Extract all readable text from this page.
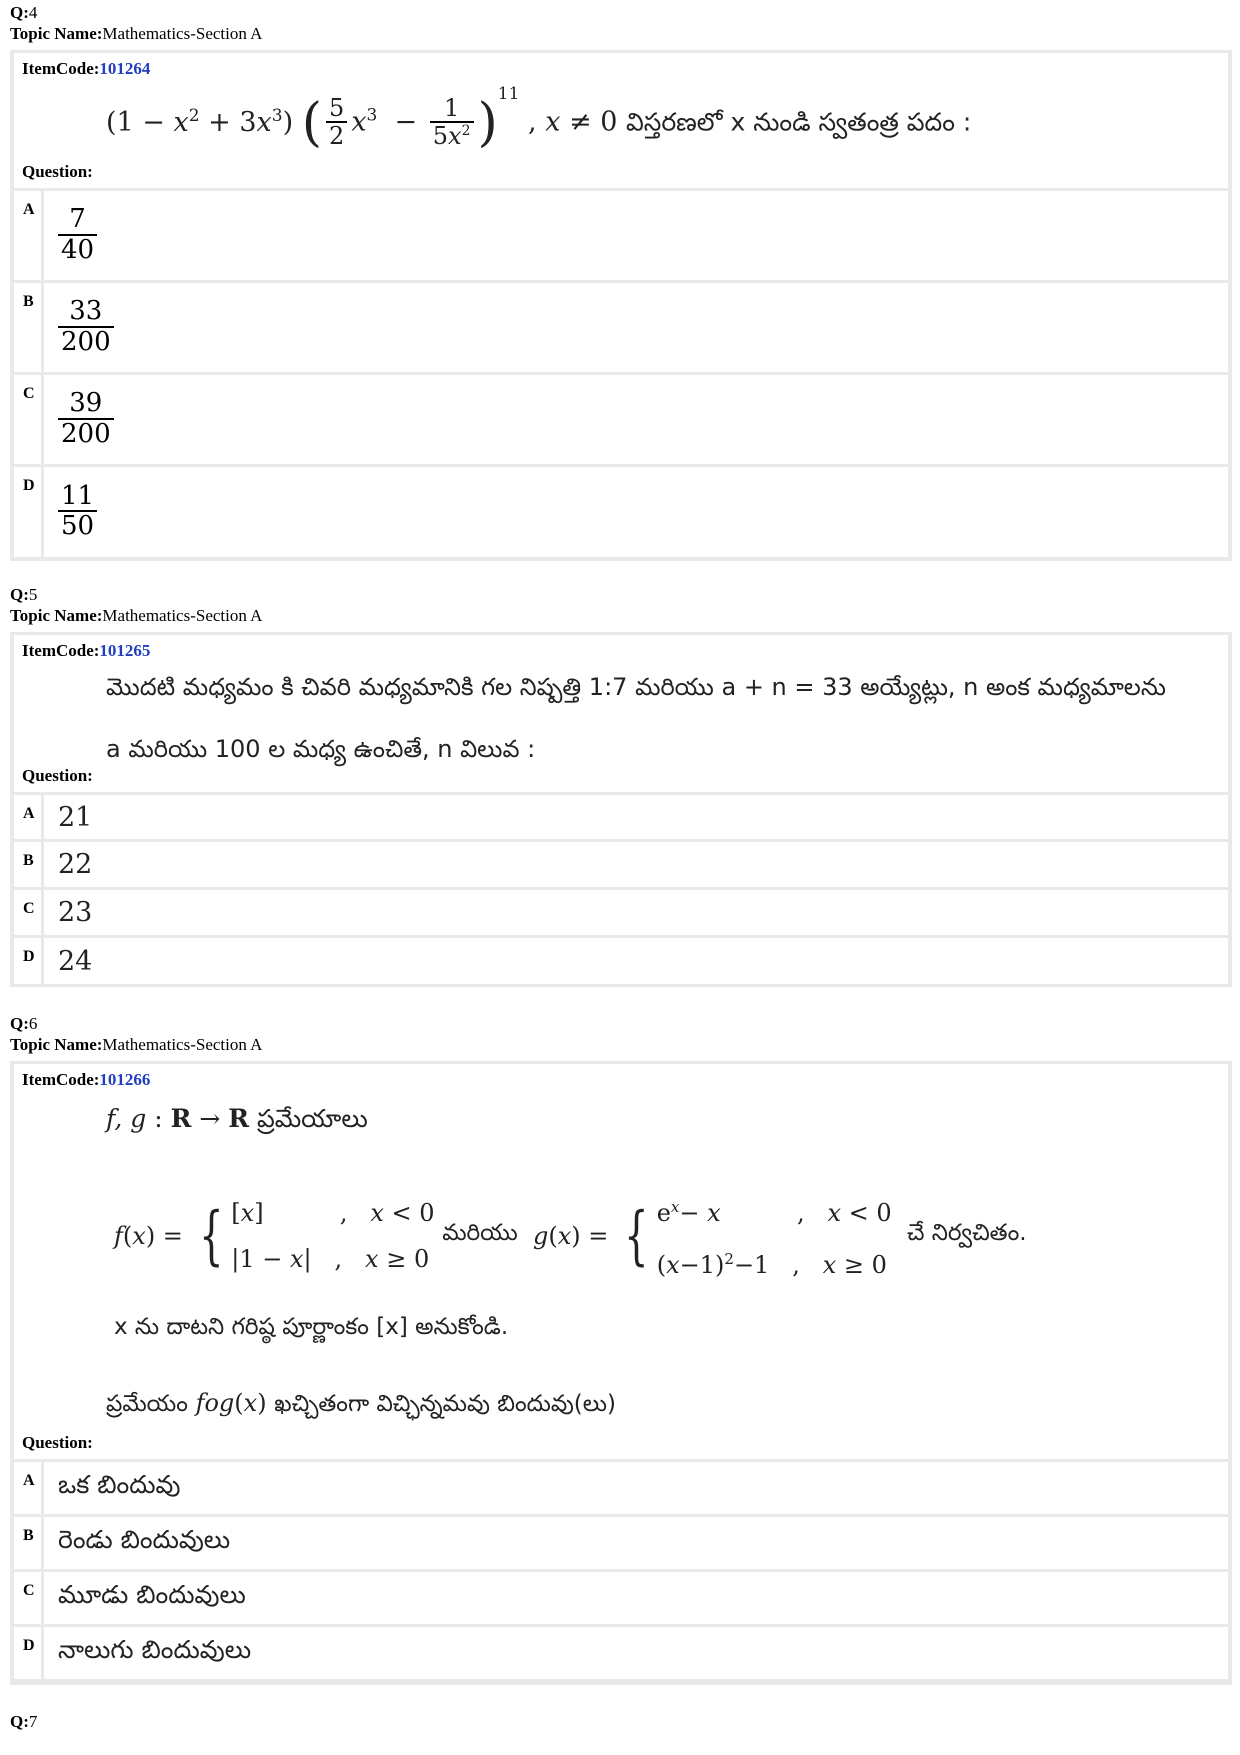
Q:4
Topic Name:Mathematics-Section A
ItemCode:101264
$(1 - x^2 + 3x^3)$ ( $\frac{5}{2} x^3 - \frac{1}{5x^2} )^{11}$ , x ≠ 0 విస్తరణలో x నుండి స్వతంత్ర పదం :
Question:
A $\frac{7}{40}$
B $\frac{33}{200}$
C $\frac{39}{200}$
D $\frac{11}{50}$
Q:5
Topic Name:Mathematics-Section A
ItemCode:101265
మొదటి మధ్యమం కి చివరి మధ్యమానికి గల నిష్పత్తి 1:7 మరియు a + n = 33 అయ్యేట్లు, n అంక మధ్యమాలను
a మరియు 100 ల మధ్య ఉంచితే, n విలువ :
Question:
A 21
B 22
C 23
D 24
Q:6
Topic Name:Mathematics-Section A
ItemCode:101266
f, g : R → R ప్రమేయాలు
f ( x ) = { [x]          ,   x < 0
|1 − x|   ,   x ≥ 0

మరియు
g ( x ) = { $e^x- x$          ,   x < 0
$(x-1)^2-1$   ,   x ≥ 0

చే నిర్వచితం.
x ను దాటని గరిష్ఠ పూర్ణాంకం [x] అనుకోండి.
ప్రమేయం fog(x) ఖచ్చితంగా విచ్ఛిన్నమవు బిందువు(లు)
Question:
A ఒక బిందువు
B రెండు బిందువులు
C మూడు బిందువులు
D నాలుగు బిందువులు
Q:7
